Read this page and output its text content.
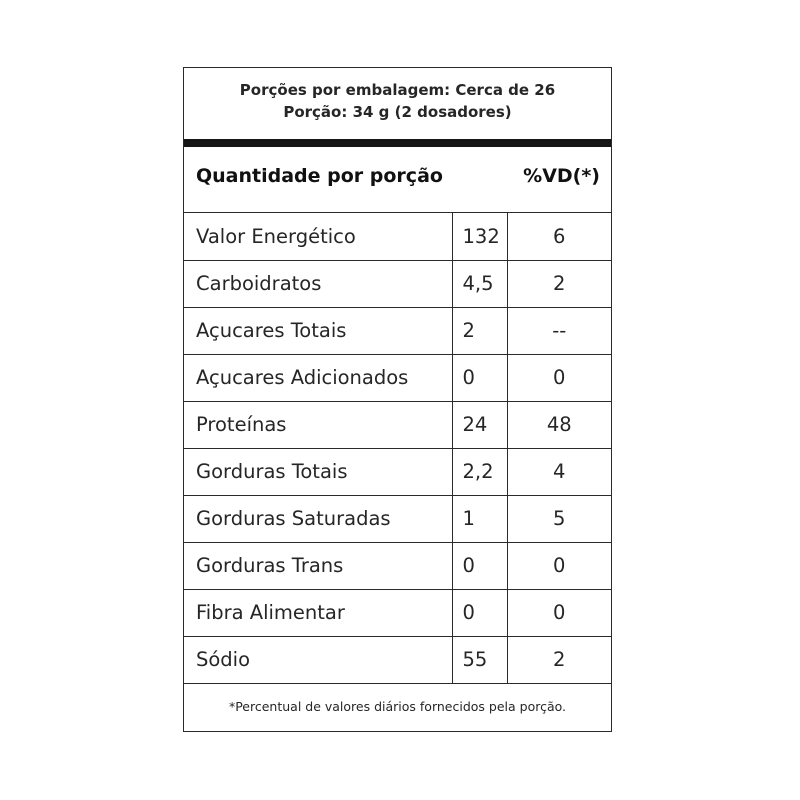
Porções por embalagem: Cerca de 26
Porção: 34 g (2 dosadores)
Quantidade por porção	%VD(*)
Valor Energético	132	6
Carboidratos	4,5	2
Açucares Totais	2	--
Açucares Adicionados	0	0
Proteínas	24	48
Gorduras Totais	2,2	4
Gorduras Saturadas	1	5
Gorduras Trans	0	0
Fibra Alimentar	0	0
Sódio	55	2
*Percentual de valores diários fornecidos pela porção.
